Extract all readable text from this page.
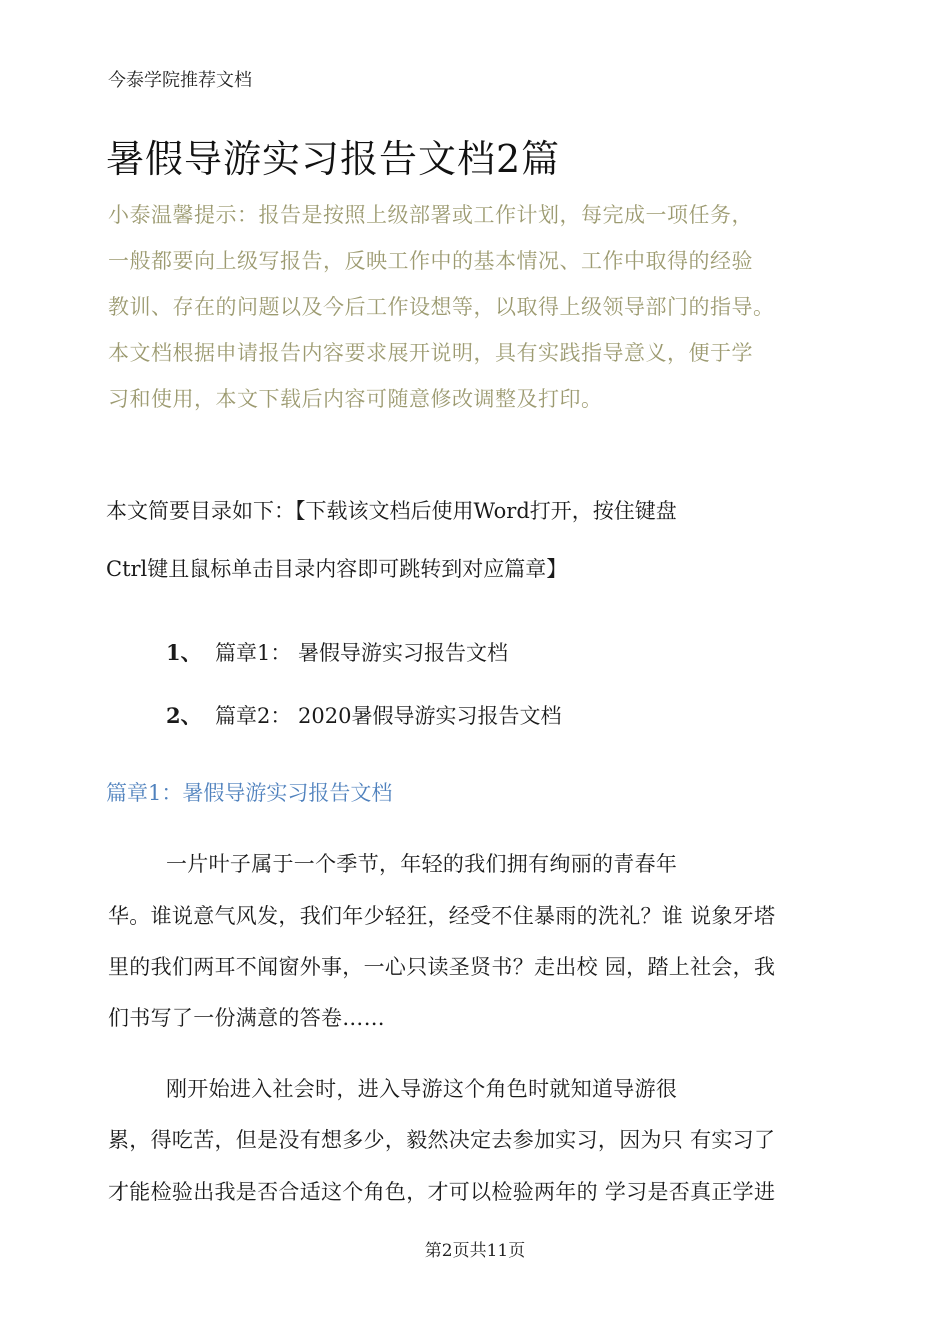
今泰学院推荐文档
暑假导游实习报告文档2篇
小泰温馨提示：报告是按照上级部署或工作计划，每完成一项任务，
一般都要向上级写报告，反映工作中的基本情况、工作中取得的经验
教训、存在的问题以及今后工作设想等，以取得上级领导部门的指导。
本文档根据申请报告内容要求展开说明，具有实践指导意义，便于学
习和使用，本文下载后内容可随意修改调整及打印。
本文简要目录如下：【下载该文档后使用Word打开，按住键盘
Ctrl键且鼠标单击目录内容即可跳转到对应篇章】
1、 篇章1： 暑假导游实习报告文档
2、 篇章2： 2020暑假导游实习报告文档
篇章1：暑假导游实习报告文档
一片叶子属于一个季节，年轻的我们拥有绚丽的青春年
华。谁说意气风发，我们年少轻狂，经受不住暴雨的洗礼？谁 说象牙塔
里的我们两耳不闻窗外事，一心只读圣贤书？走出校 园，踏上社会，我
们书写了一份满意的答卷……
刚开始进入社会时，进入导游这个角色时就知道导游很
累，得吃苦，但是没有想多少，毅然决定去参加实习，因为只 有实习了
才能检验出我是否合适这个角色，才可以检验两年的 学习是否真正学进
第2页共11页
